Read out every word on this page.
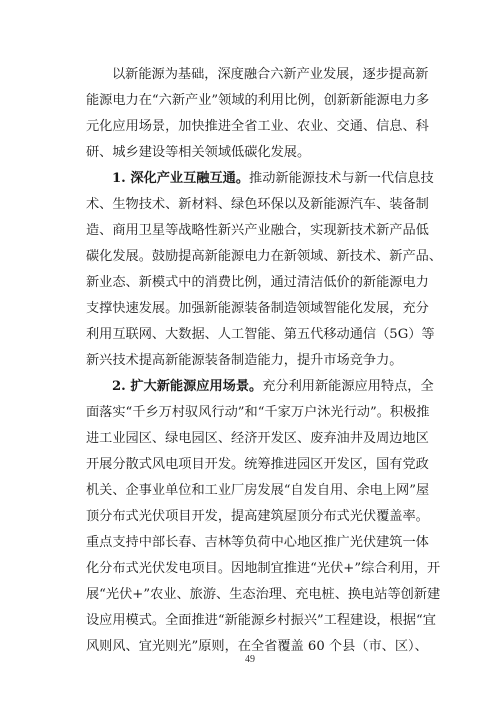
以新能源为基础，深度融合六新产业发展，逐步提高新
能源电力在“六新产业”领域的利用比例，创新新能源电力多
元化应用场景，加快推进全省工业、农业、交通、信息、科
研、城乡建设等相关领域低碳化发展。
1. 深化产业互融互通。推动新能源技术与新一代信息技
术、生物技术、新材料、绿色环保以及新能源汽车、装备制
造、商用卫星等战略性新兴产业融合，实现新技术新产品低
碳化发展。鼓励提高新能源电力在新领域、新技术、新产品、
新业态、新模式中的消费比例，通过清洁低价的新能源电力
支撑快速发展。加强新能源装备制造领域智能化发展，充分
利用互联网、大数据、人工智能、第五代移动通信（5G）等
新兴技术提高新能源装备制造能力，提升市场竞争力。
2. 扩大新能源应用场景。充分利用新能源应用特点，全
面落实“千乡万村驭风行动”和“千家万户沐光行动”。积极推
进工业园区、绿电园区、经济开发区、废弃油井及周边地区
开展分散式风电项目开发。统筹推进园区开发区，国有党政
机关、企事业单位和工业厂房发展“自发自用、余电上网”屋
顶分布式光伏项目开发，提高建筑屋顶分布式光伏覆盖率。
重点支持中部长春、吉林等负荷中心地区推广光伏建筑一体
化分布式光伏发电项目。因地制宜推进“光伏+”综合利用，开
展“光伏+”农业、旅游、生态治理、充电桩、换电站等创新建
设应用模式。全面推进“新能源乡村振兴”工程建设，根据“宜
风则风、宜光则光”原则，在全省覆盖 60 个县（市、区）、
49
